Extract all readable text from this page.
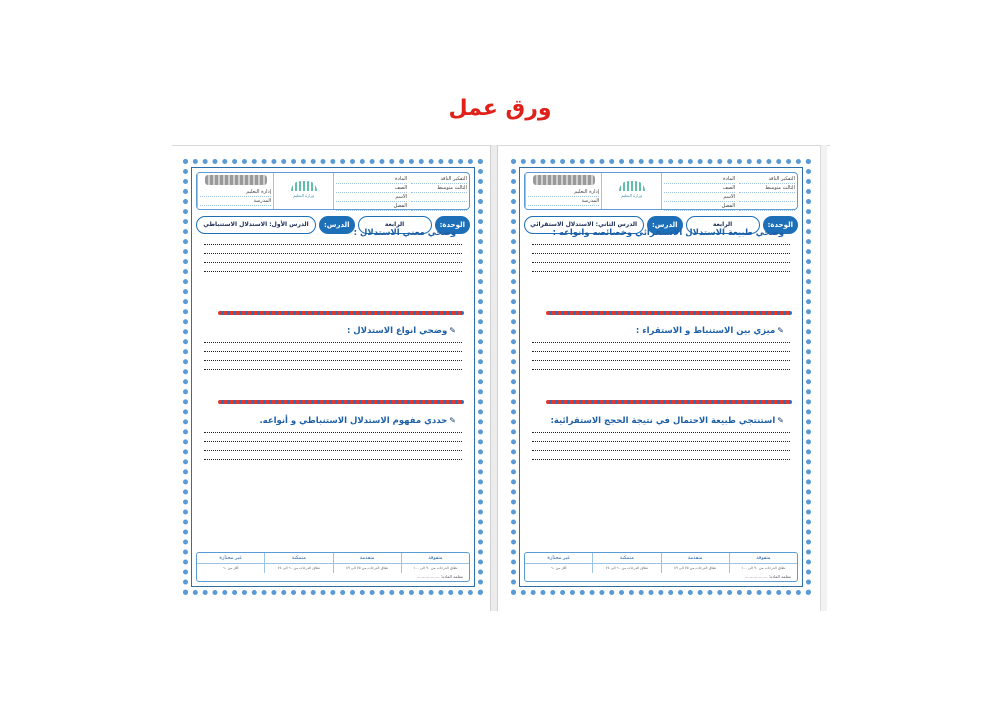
ورق عمل
إدارة التعليم
المدرسة
وزارة التعليم
المادة
الصف
الاسم
الفصل
التفكير الناقد
الثالث متوسط
الوحدة:
الرابعة
الدرس:
الدرس الأول: الاستدلال الاستنباطي
وضحي معني الاستدلال :
✎وضحي انواع الاستدلال :
✎حددي مفهوم الاستدلال الاستنباطي و أنواعه.
متفوقة
متقدمة
متمكنة
غير مجتازة
نطاق الدرجات من ٩٠ الى ١٠٠
نطاق الدرجات من ٧٥ الى ٨٩
نطاق الدرجات من ٦٠ الى ٧٤
أقل من ٦٠
معلمة المادة: ..................
إدارة التعليم
المدرسة
وزارة التعليم
المادة
الصف
الاسم
الفصل
التفكير الناقد
الثالث متوسط
الوحدة:
الرابعة
الدرس:
الدرس الثاني: الاستدلال الاستقرائي
وضحي طبيعة الاستدلال الاستقرائي وخصائصه وانواعه :
✎ميزي بين الاستنباط و الاستقراء :
✎استنتجي طبيعة الاحتمال في نتيجة الحجج الاستقرائية:
متفوقة
متقدمة
متمكنة
غير مجتازة
نطاق الدرجات من ٩٠ الى ١٠٠
نطاق الدرجات من ٧٥ الى ٨٩
نطاق الدرجات من ٦٠ الى ٧٤
أقل من ٦٠
معلمة المادة: ..................
